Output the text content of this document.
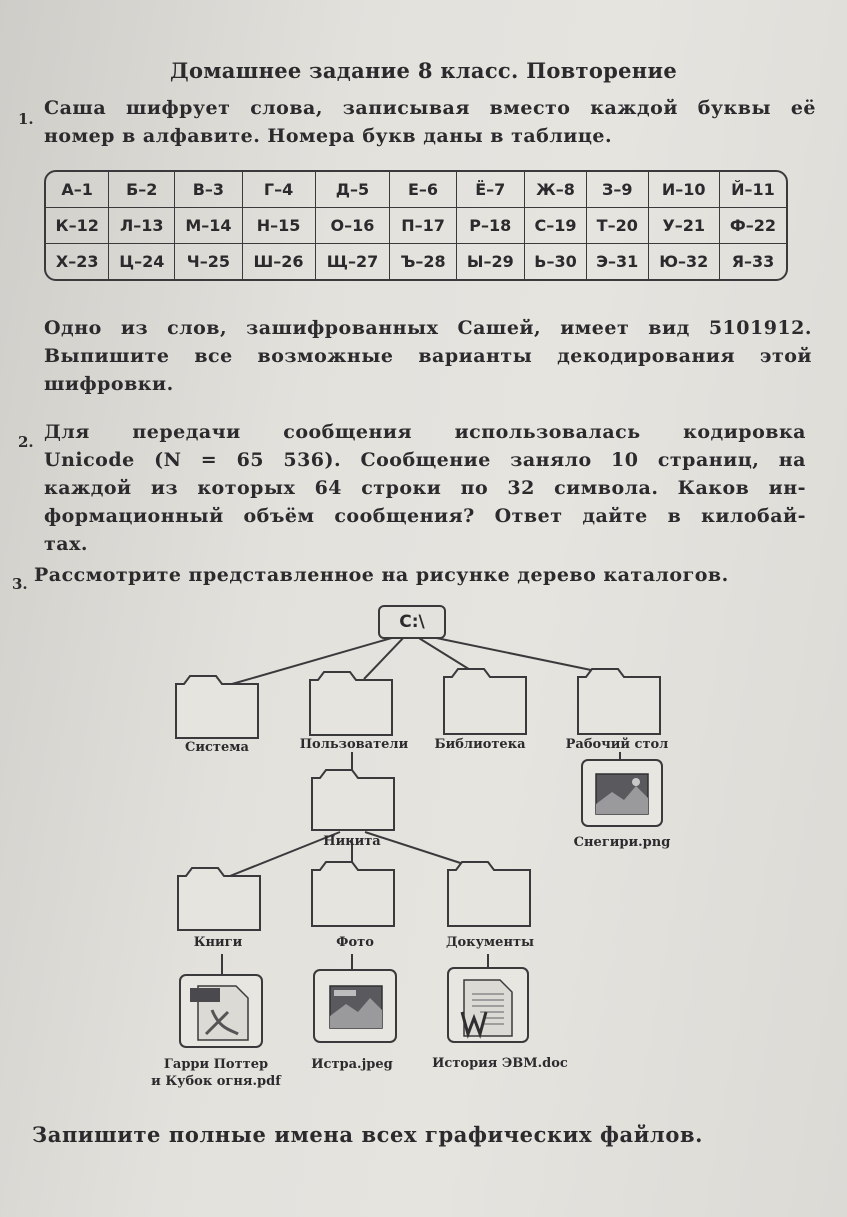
Домашнее задание 8 класс. Повторение
1. Саша шифрует слова, записывая вместо каждой буквы её
номер в алфавите. Номера букв даны в таблице.
А–1	Б–2	В–3	Г–4	Д–5	Е–6	Ё–7	Ж–8	З–9	И–10	Й–11
К–12	Л–13	М–14	Н–15	О–16	П–17	Р–18	С–19	Т–20	У–21	Ф–22
Х–23	Ц–24	Ч–25	Ш–26	Щ–27	Ъ–28	Ы–29	Ь–30	Э–31	Ю–32	Я–33
Одно из слов, зашифрованных Сашей, имеет вид 5101912.
Выпишите все возможные варианты декодирования этой
шифровки.
2. Для передачи сообщения использовалась кодировка
Unicode (N = 65 536). Сообщение заняло 10 страниц, на
каждой из которых 64 строки по 32 символа. Каков ин-
формационный объём сообщения? Ответ дайте в килобай-
тах.
3. Рассмотрите представленное на рисунке дерево каталогов.
C:\
Система	Пользователи Библиотека	Рабочий стол
Никита
Книги	Фото	Документы
Снегири.png
Гарри Поттер
и Кубок огня.pdf
Истра.jpeg	История ЭВМ.doc
Запишите полные имена всех графических файлов.
